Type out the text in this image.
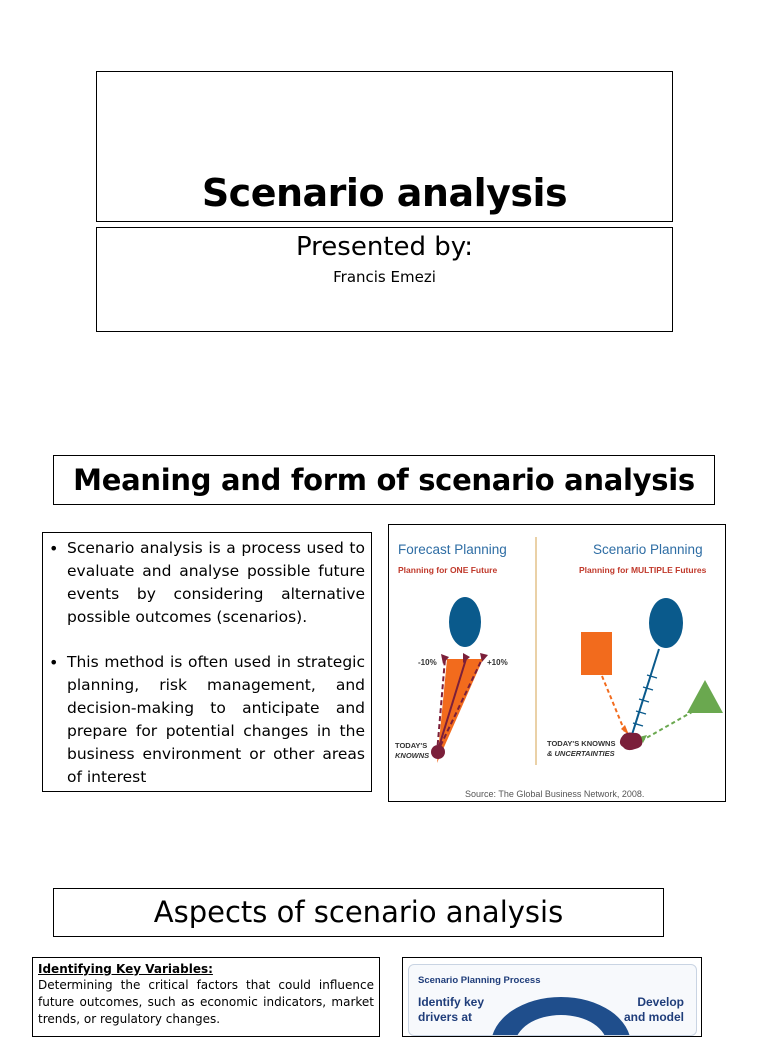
Scenario analysis
Presented by:
Francis Emezi
Meaning and form of scenario analysis
• Scenario analysis is a process used to evaluate and analyse possible future events by considering alternative possible outcomes (scenarios).
• This method is often used in strategic planning, risk management, and decision-making to anticipate and prepare for potential changes in the business environment or other areas of interest
Forecast Planning
Planning for ONE Future
Scenario Planning
Planning for MULTIPLE Futures
-10%	+10%
TODAY'S
KNOWNS
TODAY'S KNOWNS
& UNCERTAINTIES
Source: The Global Business Network, 2008.
Aspects of scenario analysis
Identifying Key Variables:
Determining the critical factors that could influence future outcomes, such as economic indicators, market trends, or regulatory changes.
Scenario Planning Process
Identify key
drivers at
Develop
and model
